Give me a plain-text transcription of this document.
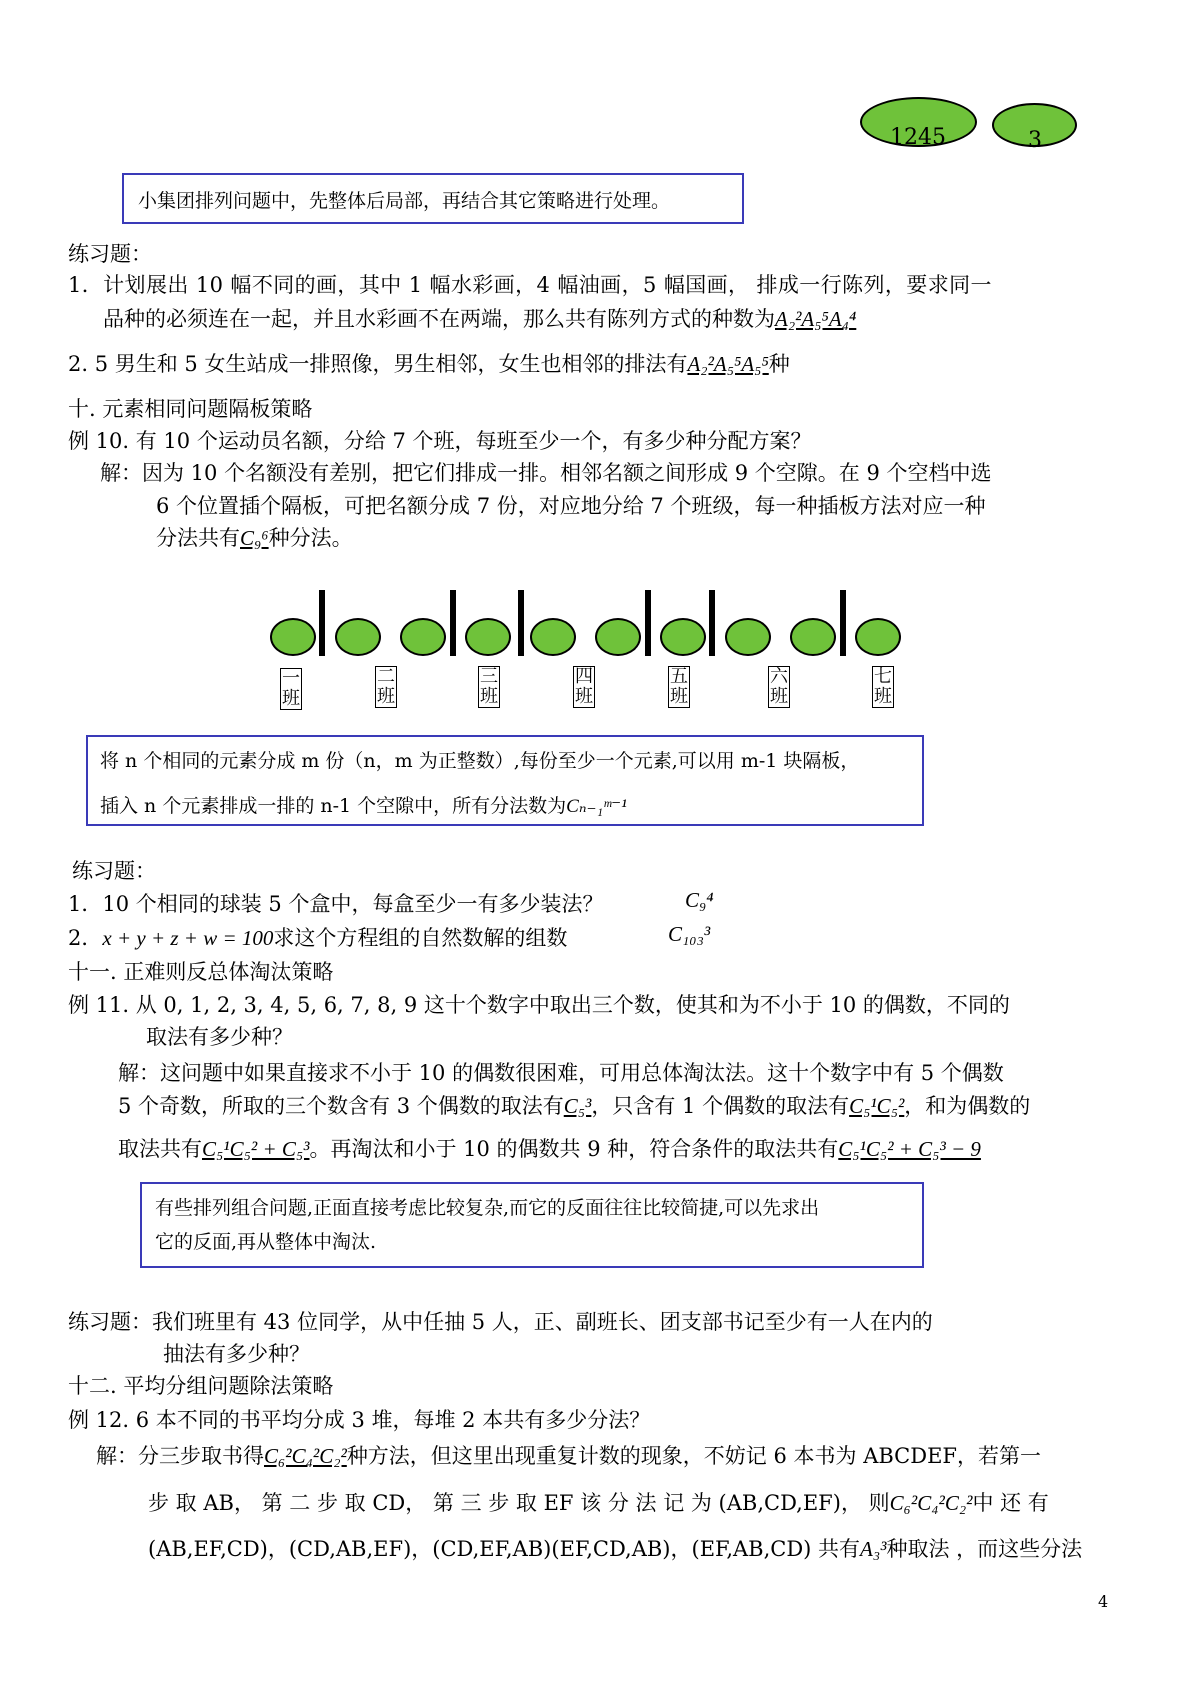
1245	3
小集团排列问题中，先整体后局部，再结合其它策略进行处理。
练习题：
1．计划展出 10 幅不同的画，其中 1 幅水彩画，4 幅油画，5 幅国画， 排成一行陈列，要求同一
品种的必须连在一起，并且水彩画不在两端，那么共有陈列方式的种数为A₂²A₅⁵A₄⁴
2. 5 男生和 5 女生站成一排照像，男生相邻，女生也相邻的排法有A₂²A₅⁵A₅⁵种
十. 元素相同问题隔板策略
例 10. 有 10 个运动员名额，分给 7 个班，每班至少一个，有多少种分配方案？
解：因为 10 个名额没有差别，把它们排成一排。相邻名额之间形成 9 个空隙。在 9 个空档中选
6 个位置插个隔板，可把名额分成 7 份，对应地分给 7 个班级，每一种插板方法对应一种
分法共有C₉⁶种分法。
一
班
二
班
三
班
四
班
五
班
六
班
七
班
将 n 个相同的元素分成 m 份（n，m 为正整数）,每份至少一个元素,可以用 m-1 块隔板，
插入 n 个元素排成一排的 n-1 个空隙中，所有分法数为Cₙ₋₁ᵐ⁻¹
练习题：
1．10 个相同的球装 5 个盒中，每盒至少一有多少装法？	C₉⁴
2．x + y + z + w = 100求这个方程组的自然数解的组数	C₁₀₃³
十一. 正难则反总体淘汰策略
例 11. 从 0, 1, 2, 3, 4, 5, 6, 7, 8, 9 这十个数字中取出三个数，使其和为不小于 10 的偶数，不同的
取法有多少种？
解：这问题中如果直接求不小于 10 的偶数很困难，可用总体淘汰法。这十个数字中有 5 个偶数
5 个奇数，所取的三个数含有 3 个偶数的取法有C₅³，只含有 1 个偶数的取法有C₅¹C₅²，和为偶数的
取法共有C₅¹C₅² + C₅³。再淘汰和小于 10 的偶数共 9 种，符合条件的取法共有C₅¹C₅² + C₅³ − 9
有些排列组合问题,正面直接考虑比较复杂,而它的反面往往比较简捷,可以先求出
它的反面,再从整体中淘汰.
练习题：我们班里有 43 位同学，从中任抽 5 人，正、副班长、团支部书记至少有一人在内的
抽法有多少种？
十二. 平均分组问题除法策略
例 12. 6 本不同的书平均分成 3 堆，每堆 2 本共有多少分法？
解：分三步取书得C₆²C₄²C₂²种方法，但这里出现重复计数的现象，不妨记 6 本书为 ABCDEF，若第一
步 取 AB， 第 二 步 取 CD， 第 三 步 取 EF 该 分 法 记 为 (AB,CD,EF)， 则C₆²C₄²C₂²中 还 有
(AB,EF,CD)，(CD,AB,EF)，(CD,EF,AB)(EF,CD,AB)，(EF,AB,CD) 共有A₃³种取法 ，而这些分法
4
